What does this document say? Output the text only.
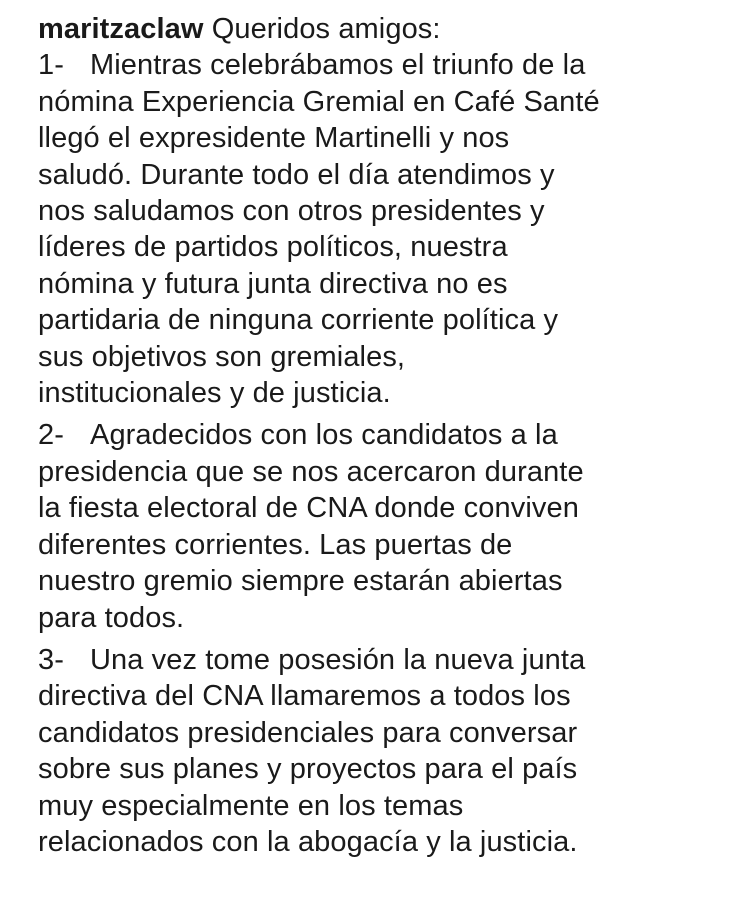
maritzaclaw Queridos amigos:
1- Mientras celebrábamos el triunfo de la
nómina Experiencia Gremial en Café Santé
llegó el expresidente Martinelli y nos
saludó. Durante todo el día atendimos y
nos saludamos con otros presidentes y
líderes de partidos políticos, nuestra
nómina y futura junta directiva no es
partidaria de ninguna corriente política y
sus objetivos son gremiales,
institucionales y de justicia.
2- Agradecidos con los candidatos a la
presidencia que se nos acercaron durante
la fiesta electoral de CNA donde conviven
diferentes corrientes. Las puertas de
nuestro gremio siempre estarán abiertas
para todos.
3- Una vez tome posesión la nueva junta
directiva del CNA llamaremos a todos los
candidatos presidenciales para conversar
sobre sus planes y proyectos para el país
muy especialmente en los temas
relacionados con la abogacía y la justicia.
